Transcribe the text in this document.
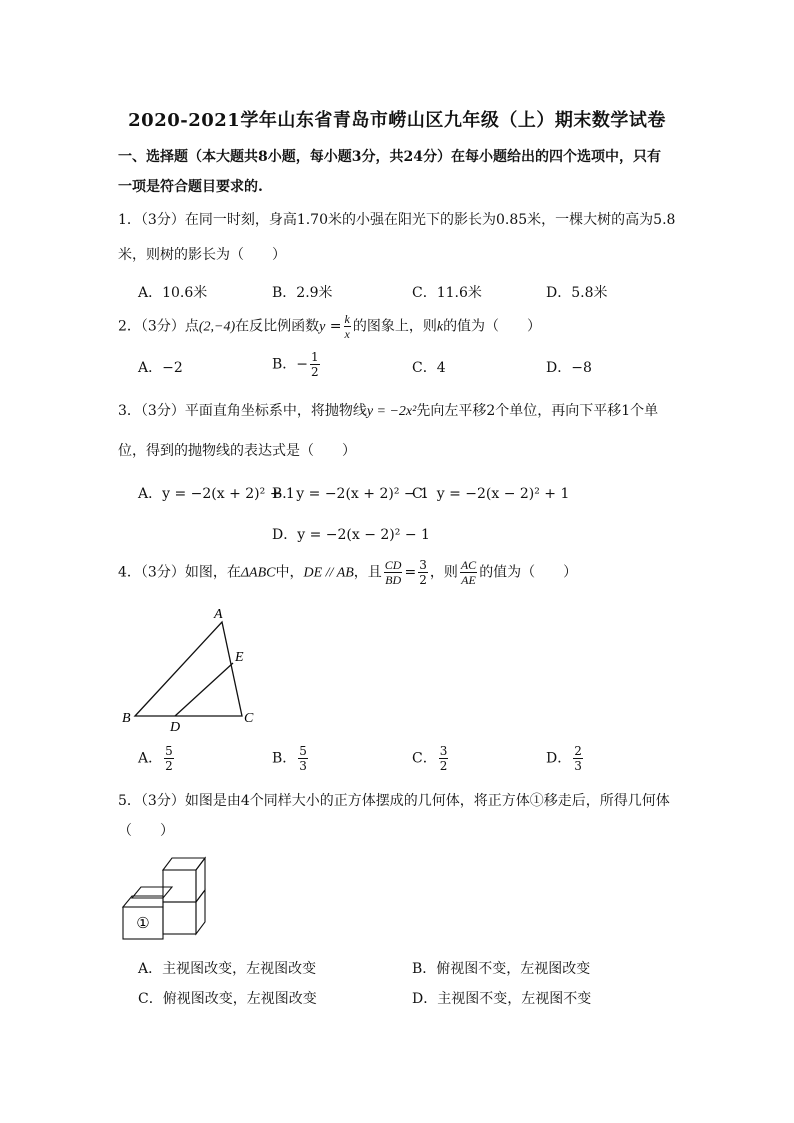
2020-2021学年山东省青岛市崂山区九年级（上）期末数学试卷
一、选择题（本大题共8小题，每小题3分，共24分）在每小题给出的四个选项中，只有
一项是符合题目要求的.
1．（3分）在同一时刻，身高1.70米的小强在阳光下的影长为0.85米，一棵大树的高为5.8
米，则树的影长为（　　）
A．10.6米	B．2.9米	C．11.6米	D．5.8米
2．（3分）点(2,−4)在反比例函数$y = \frac{k}{x}$ 的图象上，则k的值为（　　）
A．−2	B．− $\frac{1}{2}$	C．4	D．−8
3．（3分）平面直角坐标系中，将抛物线y = −2x²先向左平移2个单位，再向下平移1个单
位，得到的抛物线的表达式是（　　）
A．y = −2(x + 2)² + 1
B．y = −2(x + 2)² − 1
C．y = −2(x − 2)² + 1
D．y = −2(x − 2)² − 1
4．（3分）如图，在ΔABC中，DE // AB，且 $\frac{CD}{BD} = \frac{3}{2}$ ，则 $\frac{AC}{AE}$ 的值为（　　）
A
E
B
D
C
A． $\frac{5}{2}$	B． $\frac{5}{3}$	C． $\frac{3}{2}$	D． $\frac{2}{3}$
5．（3分）如图是由4个同样大小的正方体摆成的几何体，将正方体①移走后，所得几何体
（　　）
①
A．主视图改变，左视图改变	B．俯视图不变，左视图改变
C．俯视图改变，左视图改变	D．主视图不变，左视图不变
